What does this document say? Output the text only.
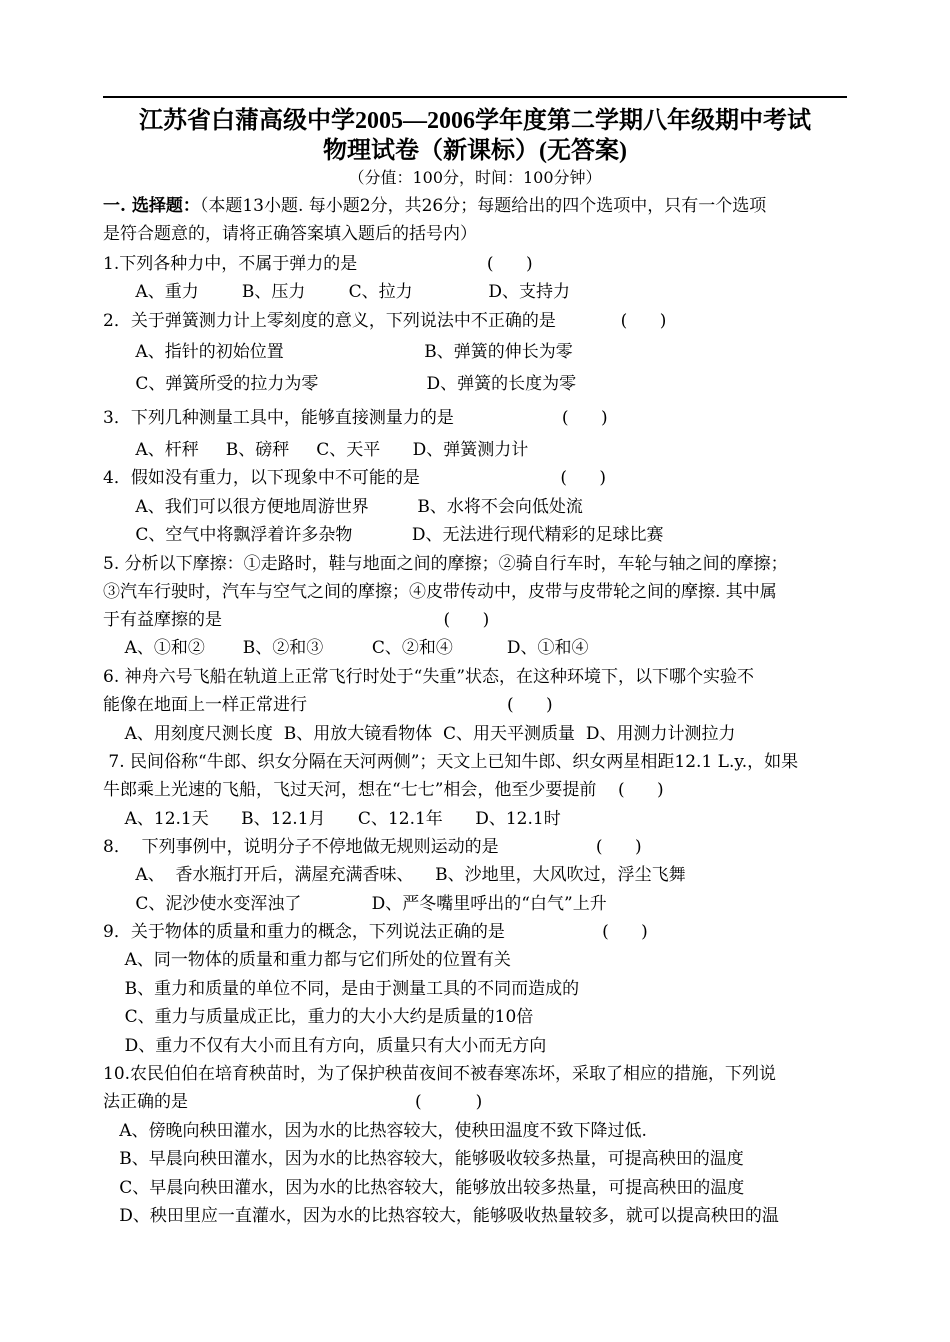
江苏省白蒲高级中学2005—2006学年度第二学期八年级期中考试
物理试卷（新课标）(无答案)
（分值：100分，时间：100分钟）
一. 选择题：（本题13小题. 每小题2分，共26分；每题给出的四个选项中，只有一个选项
是符合题意的，请将正确答案填入题后的括号内）
1.下列各种力中，不属于弹力的是                        (      )
A、重力        B、压力        C、拉力              D、支持力
2．关于弹簧测力计上零刻度的意义，下列说法中不正确的是            (      )
A、指针的初始位置                          B、弹簧的伸长为零
C、弹簧所受的拉力为零                    D、弹簧的长度为零
3．下列几种测量工具中，能够直接测量力的是                    (      )
A、杆秤     B、磅秤     C、天平      D、弹簧测力计
4．假如没有重力，以下现象中不可能的是                          (      )
A、我们可以很方便地周游世界         B、水将不会向低处流
C、空气中将飘浮着许多杂物           D、无法进行现代精彩的足球比赛
5. 分析以下摩擦：①走路时，鞋与地面之间的摩擦；②骑自行车时，车轮与轴之间的摩擦；
③汽车行驶时，汽车与空气之间的摩擦；④皮带传动中，皮带与皮带轮之间的摩擦. 其中属
于有益摩擦的是                                         (      )
A、①和②       B、②和③         C、②和④          D、①和④
6. 神舟六号飞船在轨道上正常飞行时处于“失重”状态，在这种环境下，以下哪个实验不
能像在地面上一样正常进行                                     (      )
A、用刻度尺测长度  B、用放大镜看物体  C、用天平测质量  D、用测力计测拉力
7. 民间俗称“牛郎、织女分隔在天河两侧”；天文上已知牛郎、织女两星相距12.1 L.y.，如果
牛郎乘上光速的飞船，飞过天河，想在“七七”相会，他至少要提前    (      )
A、12.1天      B、12.1月      C、12.1年      D、12.1时
8．  下列事例中，说明分子不停地做无规则运动的是                  (      )
A、  香水瓶打开后，满屋充满香味、    B、沙地里，大风吹过，浮尘飞舞
C、泥沙使水变浑浊了             D、严冬嘴里呼出的“白气”上升
9．关于物体的质量和重力的概念，下列说法正确的是                  (      )
A、同一物体的质量和重力都与它们所处的位置有关
B、重力和质量的单位不同，是由于测量工具的不同而造成的
C、重力与质量成正比，重力的大小大约是质量的10倍
D、重力不仅有大小而且有方向，质量只有大小而无方向
10.农民伯伯在培育秧苗时，为了保护秧苗夜间不被春寒冻坏，采取了相应的措施，下列说
法正确的是                                          (          )
A、傍晚向秧田灌水，因为水的比热容较大，使秧田温度不致下降过低.
B、早晨向秧田灌水，因为水的比热容较大，能够吸收较多热量，可提高秧田的温度
C、早晨向秧田灌水，因为水的比热容较大，能够放出较多热量，可提高秧田的温度
D、秧田里应一直灌水，因为水的比热容较大，能够吸收热量较多，就可以提高秧田的温
